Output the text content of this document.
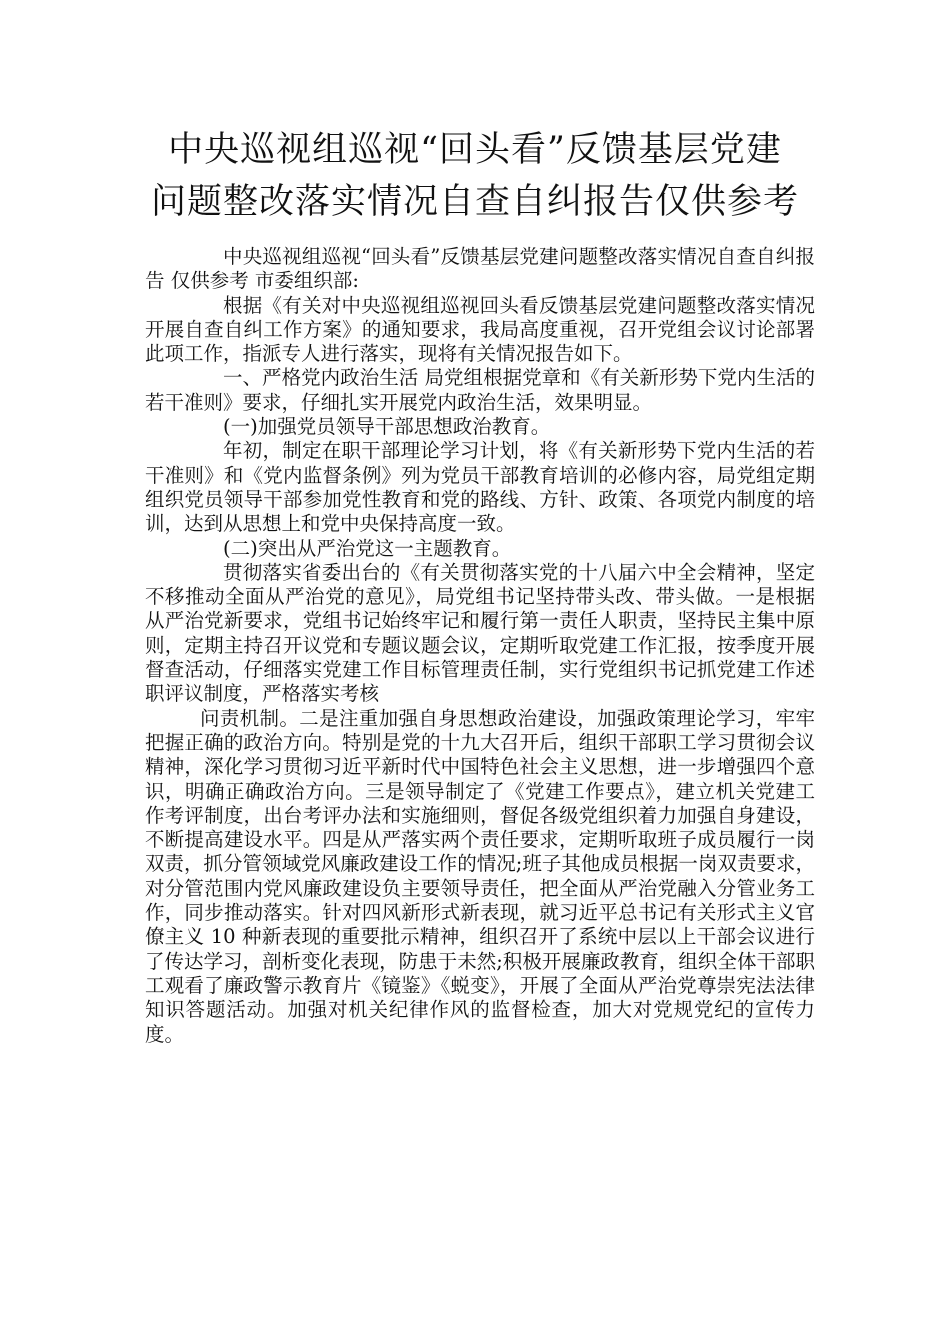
中央巡视组巡视“回头看”反馈基层党建
问题整改落实情况自查自纠报告仅供参考

中央巡视组巡视“回头看”反馈基层党建问题整改落实情况自查自纠报告 仅供参考 市委组织部:

根据《有关对中央巡视组巡视回头看反馈基层党建问题整改落实情况开展自查自纠工作方案》的通知要求，我局高度重视，召开党组会议讨论部署此项工作，指派专人进行落实，现将有关情况报告如下。

一、严格党内政治生活 局党组根据党章和《有关新形势下党内生活的若干准则》要求，仔细扎实开展党内政治生活，效果明显。

(一)加强党员领导干部思想政治教育。

年初，制定在职干部理论学习计划，将《有关新形势下党内生活的若干准则》和《党内监督条例》列为党员干部教育培训的必修内容，局党组定期组织党员领导干部参加党性教育和党的路线、方针、政策、各项党内制度的培训，达到从思想上和党中央保持高度一致。

(二)突出从严治党这一主题教育。

贯彻落实省委出台的《有关贯彻落实党的十八届六中全会精神，坚定不移推动全面从严治党的意见》，局党组书记坚持带头改、带头做。一是根据从严治党新要求，党组书记始终牢记和履行第一责任人职责，坚持民主集中原则，定期主持召开议党和专题议题会议，定期听取党建工作汇报，按季度开展督查活动，仔细落实党建工作目标管理责任制，实行党组织书记抓党建工作述职评议制度，严格落实考核

问责机制。二是注重加强自身思想政治建设，加强政策理论学习，牢牢把握正确的政治方向。特别是党的十九大召开后，组织干部职工学习贯彻会议精神，深化学习贯彻习近平新时代中国特色社会主义思想，进一步增强四个意识，明确正确政治方向。三是领导制定了《党建工作要点》，建立机关党建工作考评制度，出台考评办法和实施细则，督促各级党组织着力加强自身建设，不断提高建设水平。四是从严落实两个责任要求，定期听取班子成员履行一岗双责，抓分管领域党风廉政建设工作的情况;班子其他成员根据一岗双责要求，对分管范围内党风廉政建设负主要领导责任，把全面从严治党融入分管业务工作，同步推动落实。针对四风新形式新表现，就习近平总书记有关形式主义官僚主义 10 种新表现的重要批示精神，组织召开了系统中层以上干部会议进行了传达学习，剖析变化表现，防患于未然;积极开展廉政教育，组织全体干部职工观看了廉政警示教育片《镜鉴》《蜕变》，开展了全面从严治党尊崇宪法法律知识答题活动。加强对机关纪律作风的监督检查，加大对党规党纪的宣传力度。
